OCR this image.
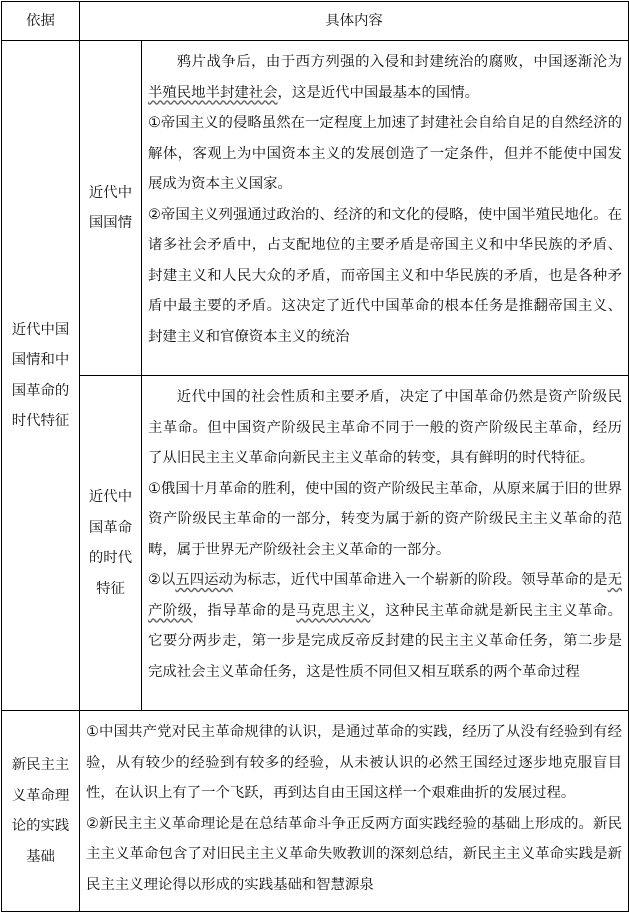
依据	具体内容	
近代中国国情和中国革命的时代特征	近代中国国情	鸦片战争后，由于西方列强的入侵和封建统治的腐败，中国逐渐沦为半殖民地半封建社会，这是近代中国最基本的国情。

①帝国主义的侵略虽然在一定程度上加速了封建社会自给自足的自然经济的解体，客观上为中国资本主义的发展创造了一定条件，但并不能使中国发展成为资本主义国家。

②帝国主义列强通过政治的、经济的和文化的侵略，使中国半殖民地化。在诸多社会矛盾中，占支配地位的主要矛盾是帝国主义和中华民族的矛盾、封建主义和人民大众的矛盾，而帝国主义和中华民族的矛盾，也是各种矛盾中最主要的矛盾。这决定了近代中国革命的根本任务是推翻帝国主义、封建主义和官僚资本主义的统治

	近代中国革命的时代特征	近代中国的社会性质和主要矛盾，决定了中国革命仍然是资产阶级民主革命。但中国资产阶级民主革命不同于一般的资产阶级民主革命，经历了从旧民主主义革命向新民主主义革命的转变，具有鲜明的时代特征。

①俄国十月革命的胜利，使中国的资产阶级民主革命，从原来属于旧的世界资产阶级民主革命的一部分，转变为属于新的资产阶级民主主义革命的范畴，属于世界无产阶级社会主义革命的一部分。

②以五四运动为标志，近代中国革命进入一个崭新的阶段。领导革命的是无产阶级，指导革命的是马克思主义，这种民主革命就是新民主主义革命。它要分两步走，第一步是完成反帝反封建的民主主义革命任务，第二步是完成社会主义革命任务，这是性质不同但又相互联系的两个革命过程

新民主主义革命理论的实践基础	①中国共产党对民主革命规律的认识，是通过革命的实践，经历了从没有经验到有经验，从有较少的经验到有较多的经验，从未被认识的必然王国经过逐步地克服盲目性，在认识上有了一个飞跃，再到达自由王国这样一个艰难曲折的发展过程。

②新民主主义革命理论是在总结革命斗争正反两方面实践经验的基础上形成的。新民主主义革命包含了对旧民主主义革命失败教训的深刻总结，新民主主义革命实践是新民主主义理论得以形成的实践基础和智慧源泉	
